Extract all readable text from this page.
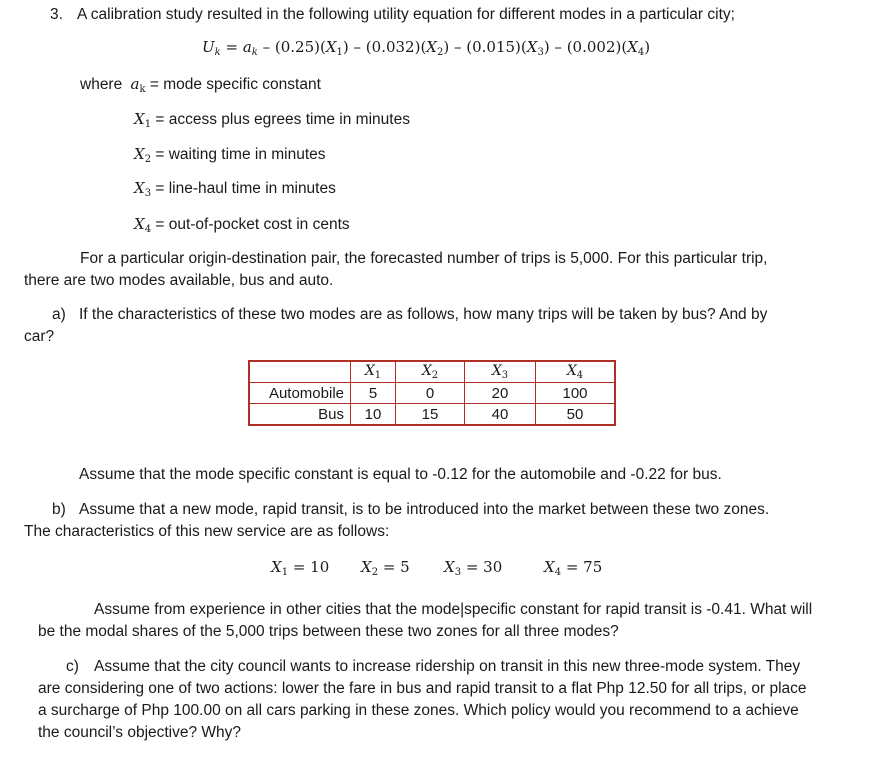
3. A calibration study resulted in the following utility equation for different modes in a particular city;
$U_k = a_k - (0.25)(X_1) - (0.032)(X_2) - (0.015)(X_3) - (0.002)(X_4)$
where $a_k$ = mode specific constant
$X_1$ = access plus egrees time in minutes
$X_2$ = waiting time in minutes
$X_3$ = line-haul time in minutes
$X_4$ = out-of-pocket cost in cents
For a particular origin-destination pair, the forecasted number of trips is 5,000. For this particular trip,
there are two modes available, bus and auto.
a) If the characteristics of these two modes are as follows, how many trips will be taken by bus? And by
car?
	$X_1$	$X_2$	$X_3$	$X_4$
Automobile	5	0	20	100
Bus	10	15	40	50
Assume that the mode specific constant is equal to -0.12 for the automobile and -0.22 for bus.
b) Assume that a new mode, rapid transit, is to be introduced into the market between these two zones.
The characteristics of this new service are as follows:
$X_1 = 10$ $X_2 = 5$ $X_3 = 30$	$X_4 = 75$
Assume from experience in other cities that the mode|specific constant for rapid transit is -0.41. What will
be the modal shares of the 5,000 trips between these two zones for all three modes?
c) Assume that the city council wants to increase ridership on transit in this new three-mode system. They
are considering one of two actions: lower the fare in bus and rapid transit to a flat Php 12.50 for all trips, or place
a surcharge of Php 100.00 on all cars parking in these zones. Which policy would you recommend to a achieve
the council’s objective? Why?
